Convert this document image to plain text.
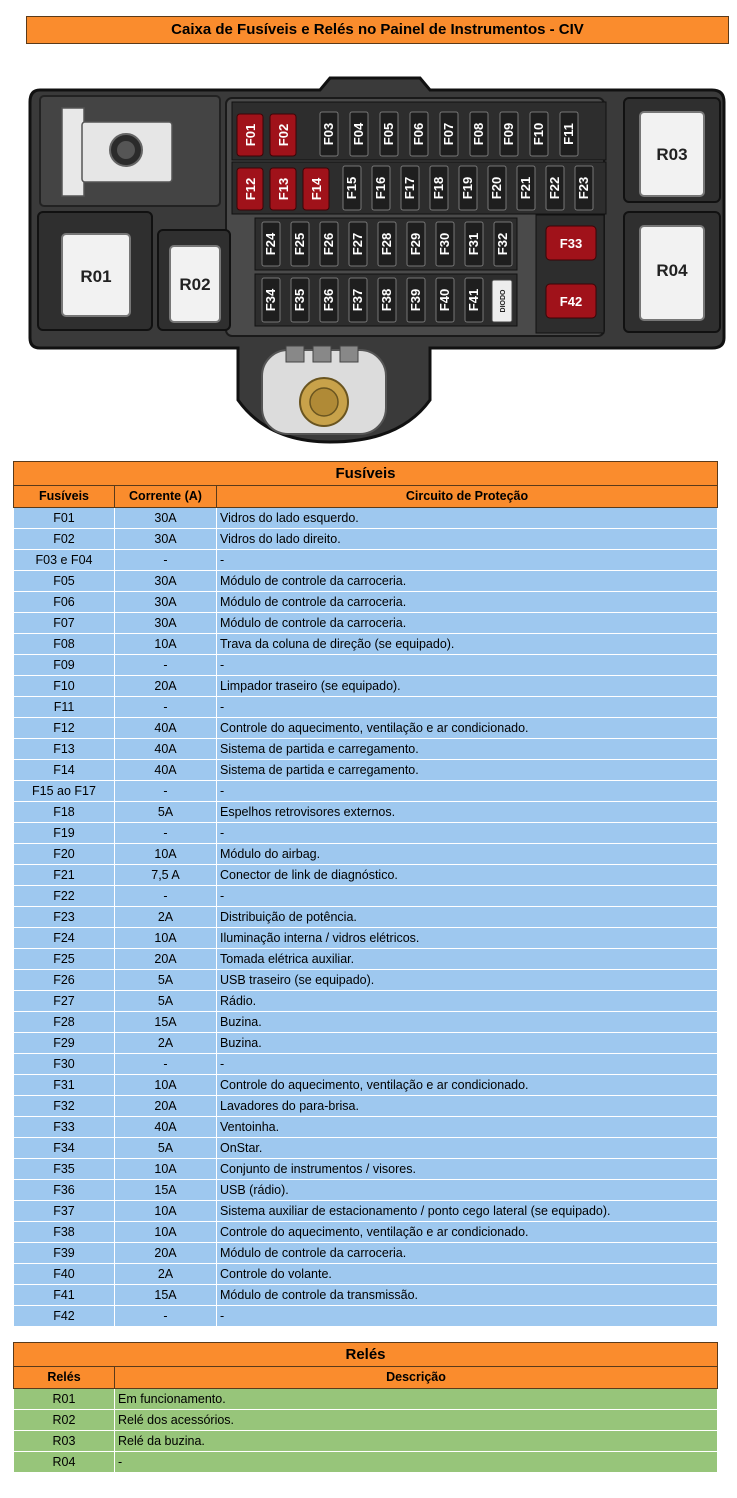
Caixa de Fusíveis e Relés no Painel de Instrumentos - CIV
R01	R02
R03
R04
F01 F02
F12 F13 F14
F03 F04 F05 F06 F07 F08 F09 F10 F11
F15 F16 F17 F18 F19 F20 F21 F22 F23
F24 F25 F26 F27 F28 F29 F30 F31 F32
F34 F35 F36 F37 F38 F39 F40 F41	DIODO
F33
F42
Fusíveis		
Fusíveis	Corrente (A)	Circuito de Proteção
F01	30A	Vidros do lado esquerdo.
F02	30A	Vidros do lado direito.
F03 e F04	-	-
F05	30A	Módulo de controle da carroceria.
F06	30A	Módulo de controle da carroceria.
F07	30A	Módulo de controle da carroceria.
F08	10A	Trava da coluna de direção (se equipado).
F09	-	-
F10	20A	Limpador traseiro (se equipado).
F11	-	-
F12	40A	Controle do aquecimento, ventilação e ar condicionado.
F13	40A	Sistema de partida e carregamento.
F14	40A	Sistema de partida e carregamento.
F15 ao F17	-	-
F18	5A	Espelhos retrovisores externos.
F19	-	-
F20	10A	Módulo do airbag.
F21	7,5 A	Conector de link de diagnóstico.
F22	-	-
F23	2A	Distribuição de potência.
F24	10A	Iluminação interna / vidros elétricos.
F25	20A	Tomada elétrica auxiliar.
F26	5A	USB traseiro (se equipado).
F27	5A	Rádio.
F28	15A	Buzina.
F29	2A	Buzina.
F30	-	-
F31	10A	Controle do aquecimento, ventilação e ar condicionado.
F32	20A	Lavadores do para-brisa.
F33	40A	Ventoinha.
F34	5A	OnStar.
F35	10A	Conjunto de instrumentos / visores.
F36	15A	USB (rádio).
F37	10A	Sistema auxiliar de estacionamento / ponto cego lateral (se equipado).
F38	10A	Controle do aquecimento, ventilação e ar condicionado.
F39	20A	Módulo de controle da carroceria.
F40	2A	Controle do volante.
F41	15A	Módulo de controle da transmissão.
F42	-	-
Relés	
Relés	Descrição
R01	Em funcionamento.
R02	Relé dos acessórios.
R03	Relé da buzina.
R04	-
